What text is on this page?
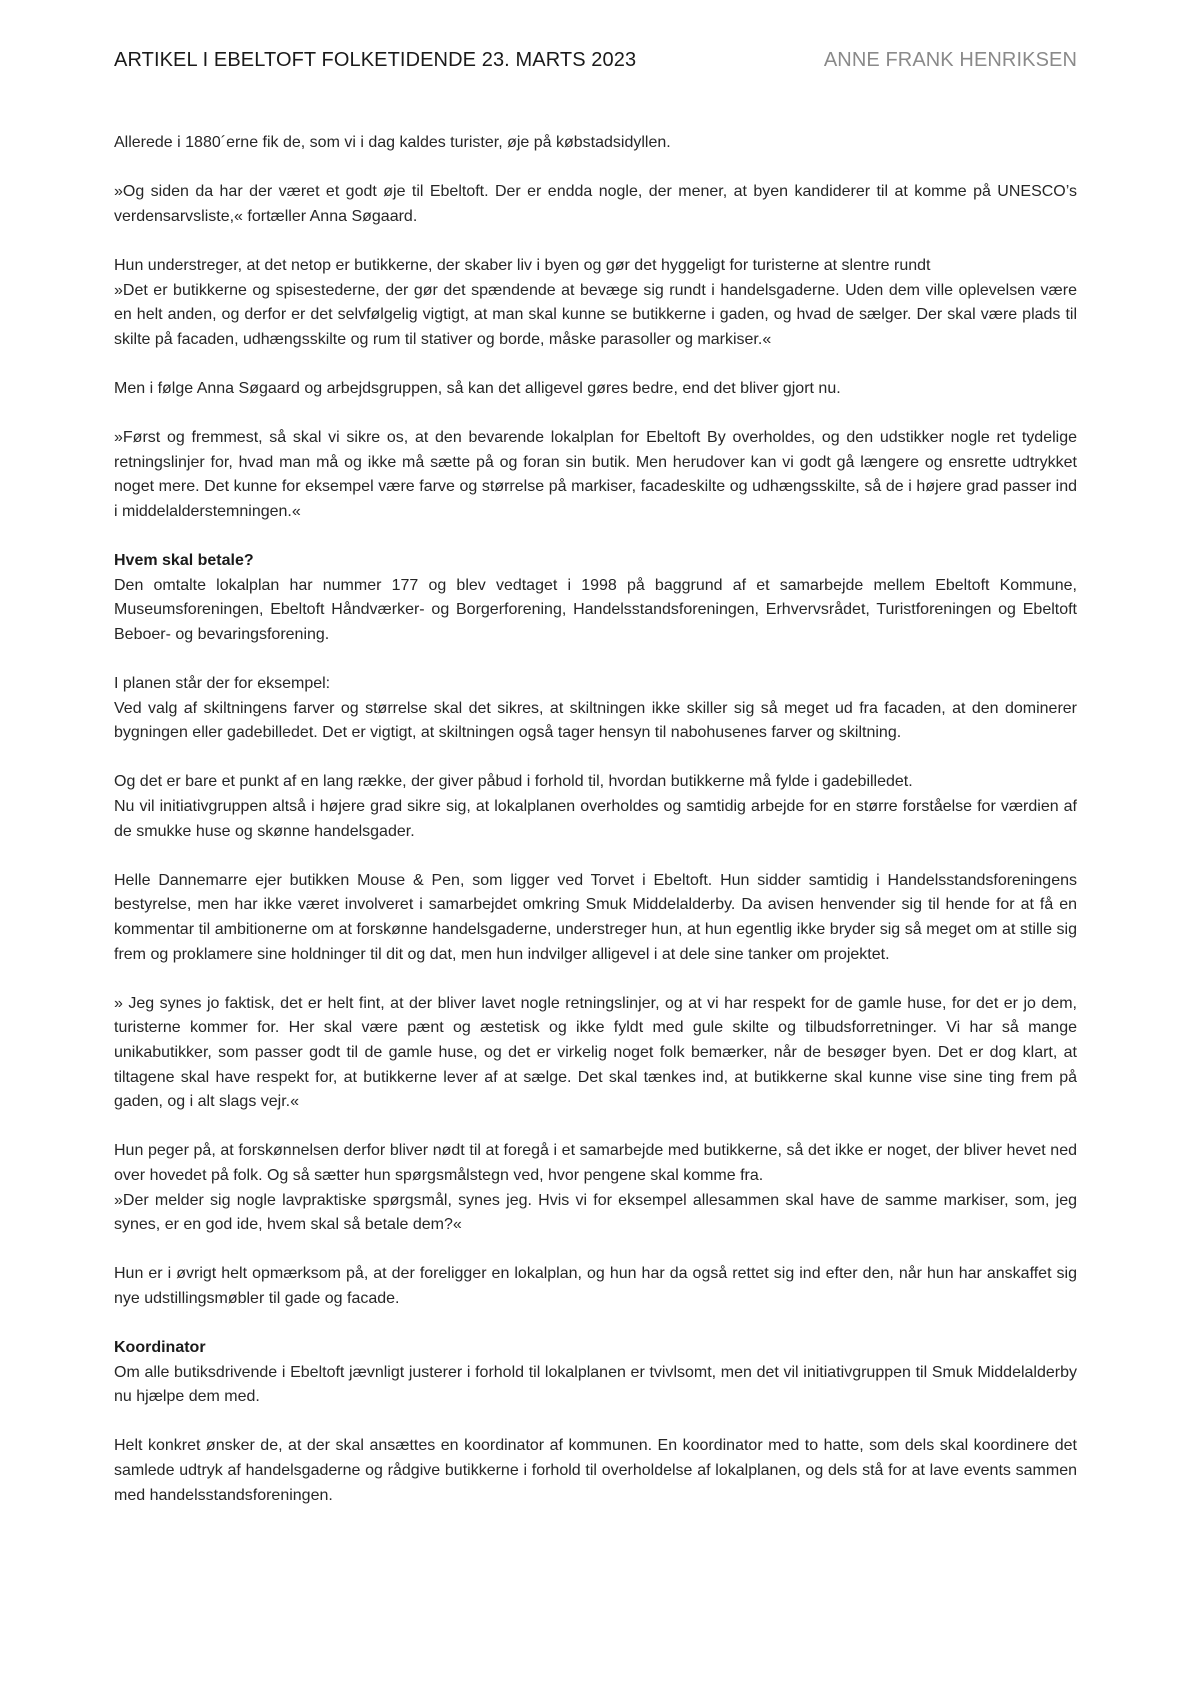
ARTIKEL I EBELTOFT FOLKETIDENDE 23. MARTS 2023	ANNE FRANK HENRIKSEN

Allerede i 1880´erne fik de, som vi i dag kaldes turister, øje på købstadsidyllen.

»Og siden da har der været et godt øje til Ebeltoft. Der er endda nogle, der mener, at byen kandiderer til at komme på UNESCO’s verdensarvsliste,« fortæller Anna Søgaard.

Hun understreger, at det netop er butikkerne, der skaber liv i byen og gør det hyggeligt for turisterne at slentre rundt

»Det er butikkerne og spisestederne, der gør det spændende at bevæge sig rundt i handelsgaderne. Uden dem ville oplevelsen være en helt anden, og derfor er det selvfølgelig vigtigt, at man skal kunne se butikkerne i gaden, og hvad de sælger. Der skal være plads til skilte på facaden, udhængsskilte og rum til stativer og borde, måske parasoller og markiser.«

Men i følge Anna Søgaard og arbejdsgruppen, så kan det alligevel gøres bedre, end det bliver gjort nu.

»Først og fremmest, så skal vi sikre os, at den bevarende lokalplan for Ebeltoft By overholdes, og den udstikker nogle ret tydelige retningslinjer for, hvad man må og ikke må sætte på og foran sin butik. Men herudover kan vi godt gå længere og ensrette udtrykket noget mere. Det kunne for eksempel være farve og størrelse på markiser, facadeskilte og udhængsskilte, så de i højere grad passer ind i middelalderstemningen.«

Hvem skal betale?

Den omtalte lokalplan har nummer 177 og blev vedtaget i 1998 på baggrund af et samarbejde mellem Ebeltoft Kommune, Museumsforeningen, Ebeltoft Håndværker- og Borgerforening, Handelsstandsforeningen, Erhvervsrådet, Turistforeningen og Ebeltoft Beboer- og bevaringsforening.

I planen står der for eksempel:

Ved valg af skiltningens farver og størrelse skal det sikres, at skiltningen ikke skiller sig så meget ud fra facaden, at den dominerer bygningen eller gadebilledet. Det er vigtigt, at skiltningen også tager hensyn til nabohusenes farver og skiltning.

Og det er bare et punkt af en lang række, der giver påbud i forhold til, hvordan butikkerne må fylde i gadebilledet.

Nu vil initiativgruppen altså i højere grad sikre sig, at lokalplanen overholdes og samtidig arbejde for en større forståelse for værdien af de smukke huse og skønne handelsgader.

Helle Dannemarre ejer butikken Mouse & Pen, som ligger ved Torvet i Ebeltoft. Hun sidder samtidig i Handelsstandsforeningens bestyrelse, men har ikke været involveret i samarbejdet omkring Smuk Middelalderby. Da avisen henvender sig til hende for at få en kommentar til ambitionerne om at forskønne handelsgaderne, understreger hun, at hun egentlig ikke bryder sig så meget om at stille sig frem og proklamere sine holdninger til dit og dat, men hun indvilger alligevel i at dele sine tanker om projektet.

» Jeg synes jo faktisk, det er helt fint, at der bliver lavet nogle retningslinjer, og at vi har respekt for de gamle huse, for det er jo dem, turisterne kommer for. Her skal være pænt og æstetisk og ikke fyldt med gule skilte og tilbudsforretninger. Vi har så mange unikabutikker, som passer godt til de gamle huse, og det er virkelig noget folk bemærker, når de besøger byen. Det er dog klart, at tiltagene skal have respekt for, at butikkerne lever af at sælge. Det skal tænkes ind, at butikkerne skal kunne vise sine ting frem på gaden, og i alt slags vejr.«

Hun peger på, at forskønnelsen derfor bliver nødt til at foregå i et samarbejde med butikkerne, så det ikke er noget, der bliver hevet ned over hovedet på folk. Og så sætter hun spørgsmålstegn ved, hvor pengene skal komme fra.

»Der melder sig nogle lavpraktiske spørgsmål, synes jeg. Hvis vi for eksempel allesammen skal have de samme markiser, som, jeg synes, er en god ide, hvem skal så betale dem?«

Hun er i øvrigt helt opmærksom på, at der foreligger en lokalplan, og hun har da også rettet sig ind efter den, når hun har anskaffet sig nye udstillingsmøbler til gade og facade.

Koordinator

Om alle butiksdrivende i Ebeltoft jævnligt justerer i forhold til lokalplanen er tvivlsomt, men det vil initiativgruppen til Smuk Middelalderby nu hjælpe dem med.

Helt konkret ønsker de, at der skal ansættes en koordinator af kommunen. En koordinator med to hatte, som dels skal koordinere det samlede udtryk af handelsgaderne og rådgive butikkerne i forhold til overholdelse af lokalplanen, og dels stå for at lave events sammen med handelsstandsforeningen.
